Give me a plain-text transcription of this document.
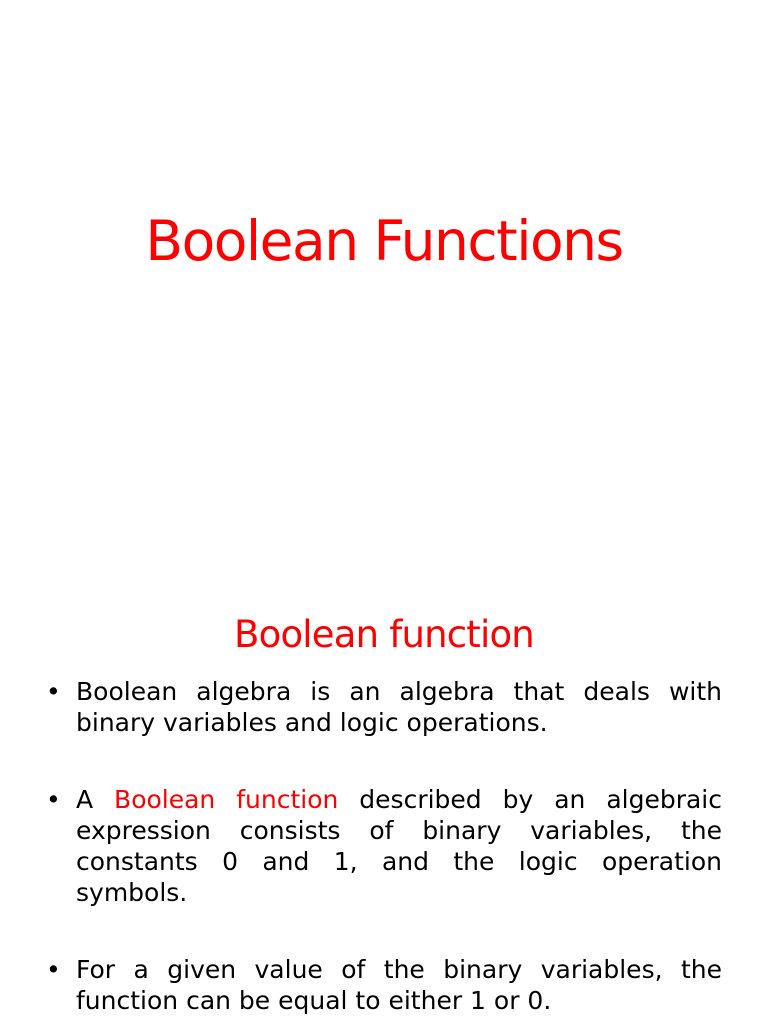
Boolean Functions
Boolean function
• Boolean algebra is an algebra that deals with binary variables and logic operations.
• A Boolean function described by an algebraic expression consists of binary variables, the constants 0 and 1, and the logic operation symbols.
• For a given value of the binary variables, the function can be equal to either 1 or 0.
